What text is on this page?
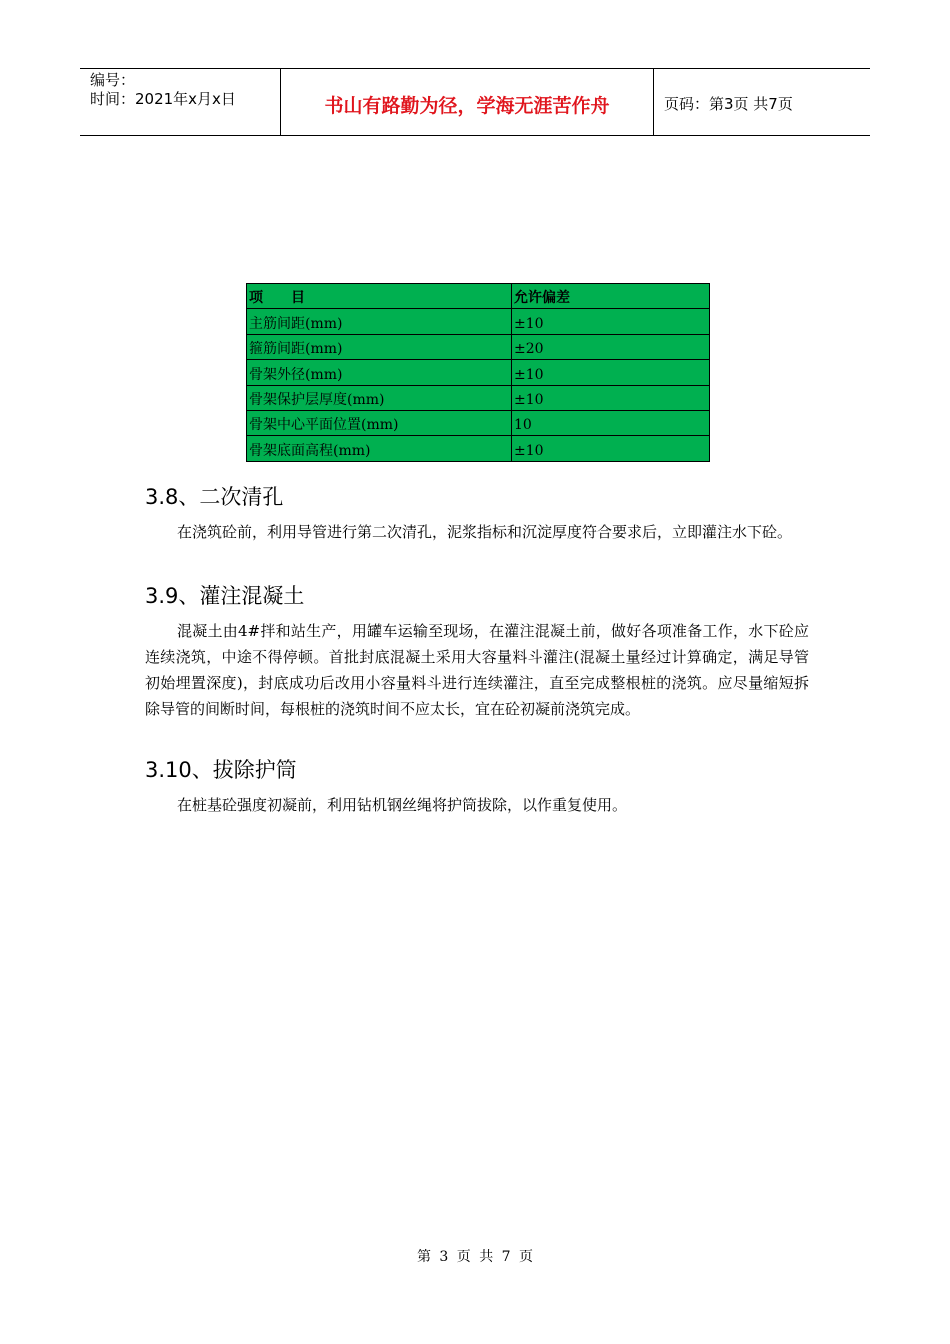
编号：
时间：2021年x月x日	书山有路勤为径，学海无涯苦作舟	页码：第3页 共7页
项　　目	允许偏差
主筋间距(mm)	±10
箍筋间距(mm)	±20
骨架外径(mm)	±10
骨架保护层厚度(mm)	±10
骨架中心平面位置(mm)	10
骨架底面高程(mm)	±10
3.8、二次清孔

在浇筑砼前，利用导管进行第二次清孔，泥浆指标和沉淀厚度符合要求后，立即灌注水下砼。

3.9、灌注混凝土

混凝土由4#拌和站生产，用罐车运输至现场，在灌注混凝土前，做好各项准备工作，水下砼应连续浇筑，中途不得停顿。首批封底混凝土采用大容量料斗灌注(混凝土量经过计算确定，满足导管初始埋置深度)，封底成功后改用小容量料斗进行连续灌注，直至完成整根桩的浇筑。应尽量缩短拆除导管的间断时间，每根桩的浇筑时间不应太长，宜在砼初凝前浇筑完成。

3.10、拔除护筒

在桩基砼强度初凝前，利用钻机钢丝绳将护筒拔除，以作重复使用。

第 3 页 共 7 页
